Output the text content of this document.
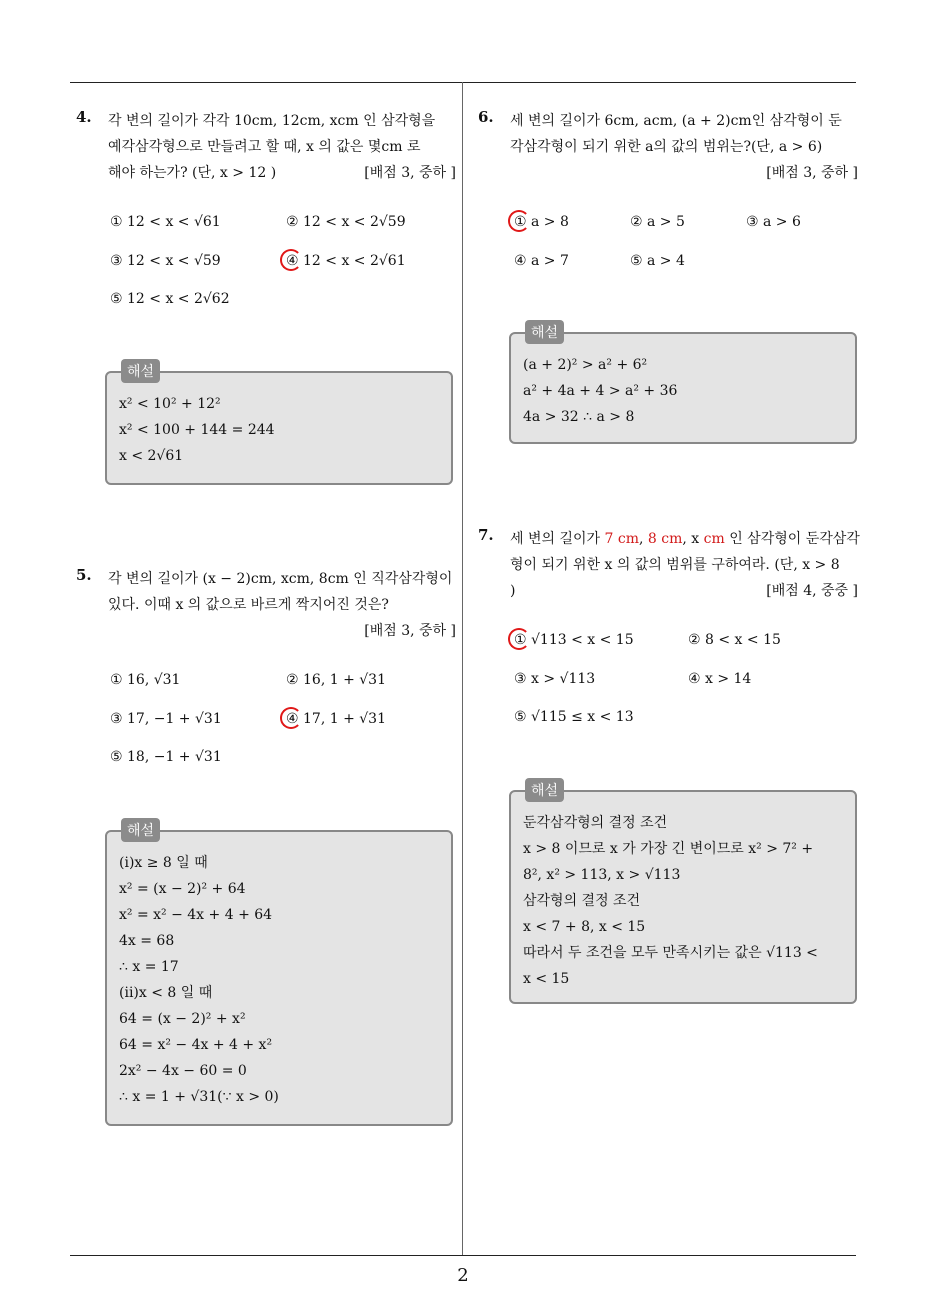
4. 각 변의 길이가 각각 10cm, 12cm, xcm 인 삼각형을
예각삼각형으로 만들려고 할 때, x 의 값은 몇cm 로
해야 하는가? (단, x > 12 )	[배점 3, 중하 ]
① 12 < x < √61	② 12 < x < 2√59
③ 12 < x < √59	④ 12 < x < 2√61
⑤ 12 < x < 2√62
해설
x² < 10² + 12²
x² < 100 + 144 = 244
x < 2√61
5. 각 변의 길이가 (x − 2)cm, xcm, 8cm 인 직각삼각형이
있다. 이때 x 의 값으로 바르게 짝지어진 것은?
[배점 3, 중하 ]
① 16, √31	② 16, 1 + √31
③ 17, −1 + √31	④ 17, 1 + √31
⑤ 18, −1 + √31
해설
(i)x ≥ 8 일 때
x² = (x − 2)² + 64
x² = x² − 4x + 4 + 64
4x = 68
∴ x = 17
(ii)x < 8 일 때
64 = (x − 2)² + x²
64 = x² − 4x + 4 + x²
2x² − 4x − 60 = 0
∴ x = 1 + √31(∵ x > 0)
6. 세 변의 길이가 6cm, acm, (a + 2)cm인 삼각형이 둔
각삼각형이 되기 위한 a의 값의 범위는?(단, a > 6)
[배점 3, 중하 ]
① a > 8	② a > 5	③ a > 6
④ a > 7	⑤ a > 4
해설
(a + 2)² > a² + 6²
a² + 4a + 4 > a² + 36
4a > 32 ∴ a > 8
7. 세 변의 길이가 7 cm, 8 cm, x cm 인 삼각형이 둔각삼각
형이 되기 위한 x 의 값의 범위를 구하여라. (단, x > 8
)	[배점 4, 중중 ]
① √113 < x < 15	② 8 < x < 15
③ x > √113	④ x > 14
⑤ √115 ≤ x < 13
해설
둔각삼각형의 결정 조건
x > 8 이므로 x 가 가장 긴 변이므로 x² > 7² +
8², x² > 113, x > √113
삼각형의 결정 조건
x < 7 + 8, x < 15
따라서 두 조건을 모두 만족시키는 값은 √113 <
x < 15
2
